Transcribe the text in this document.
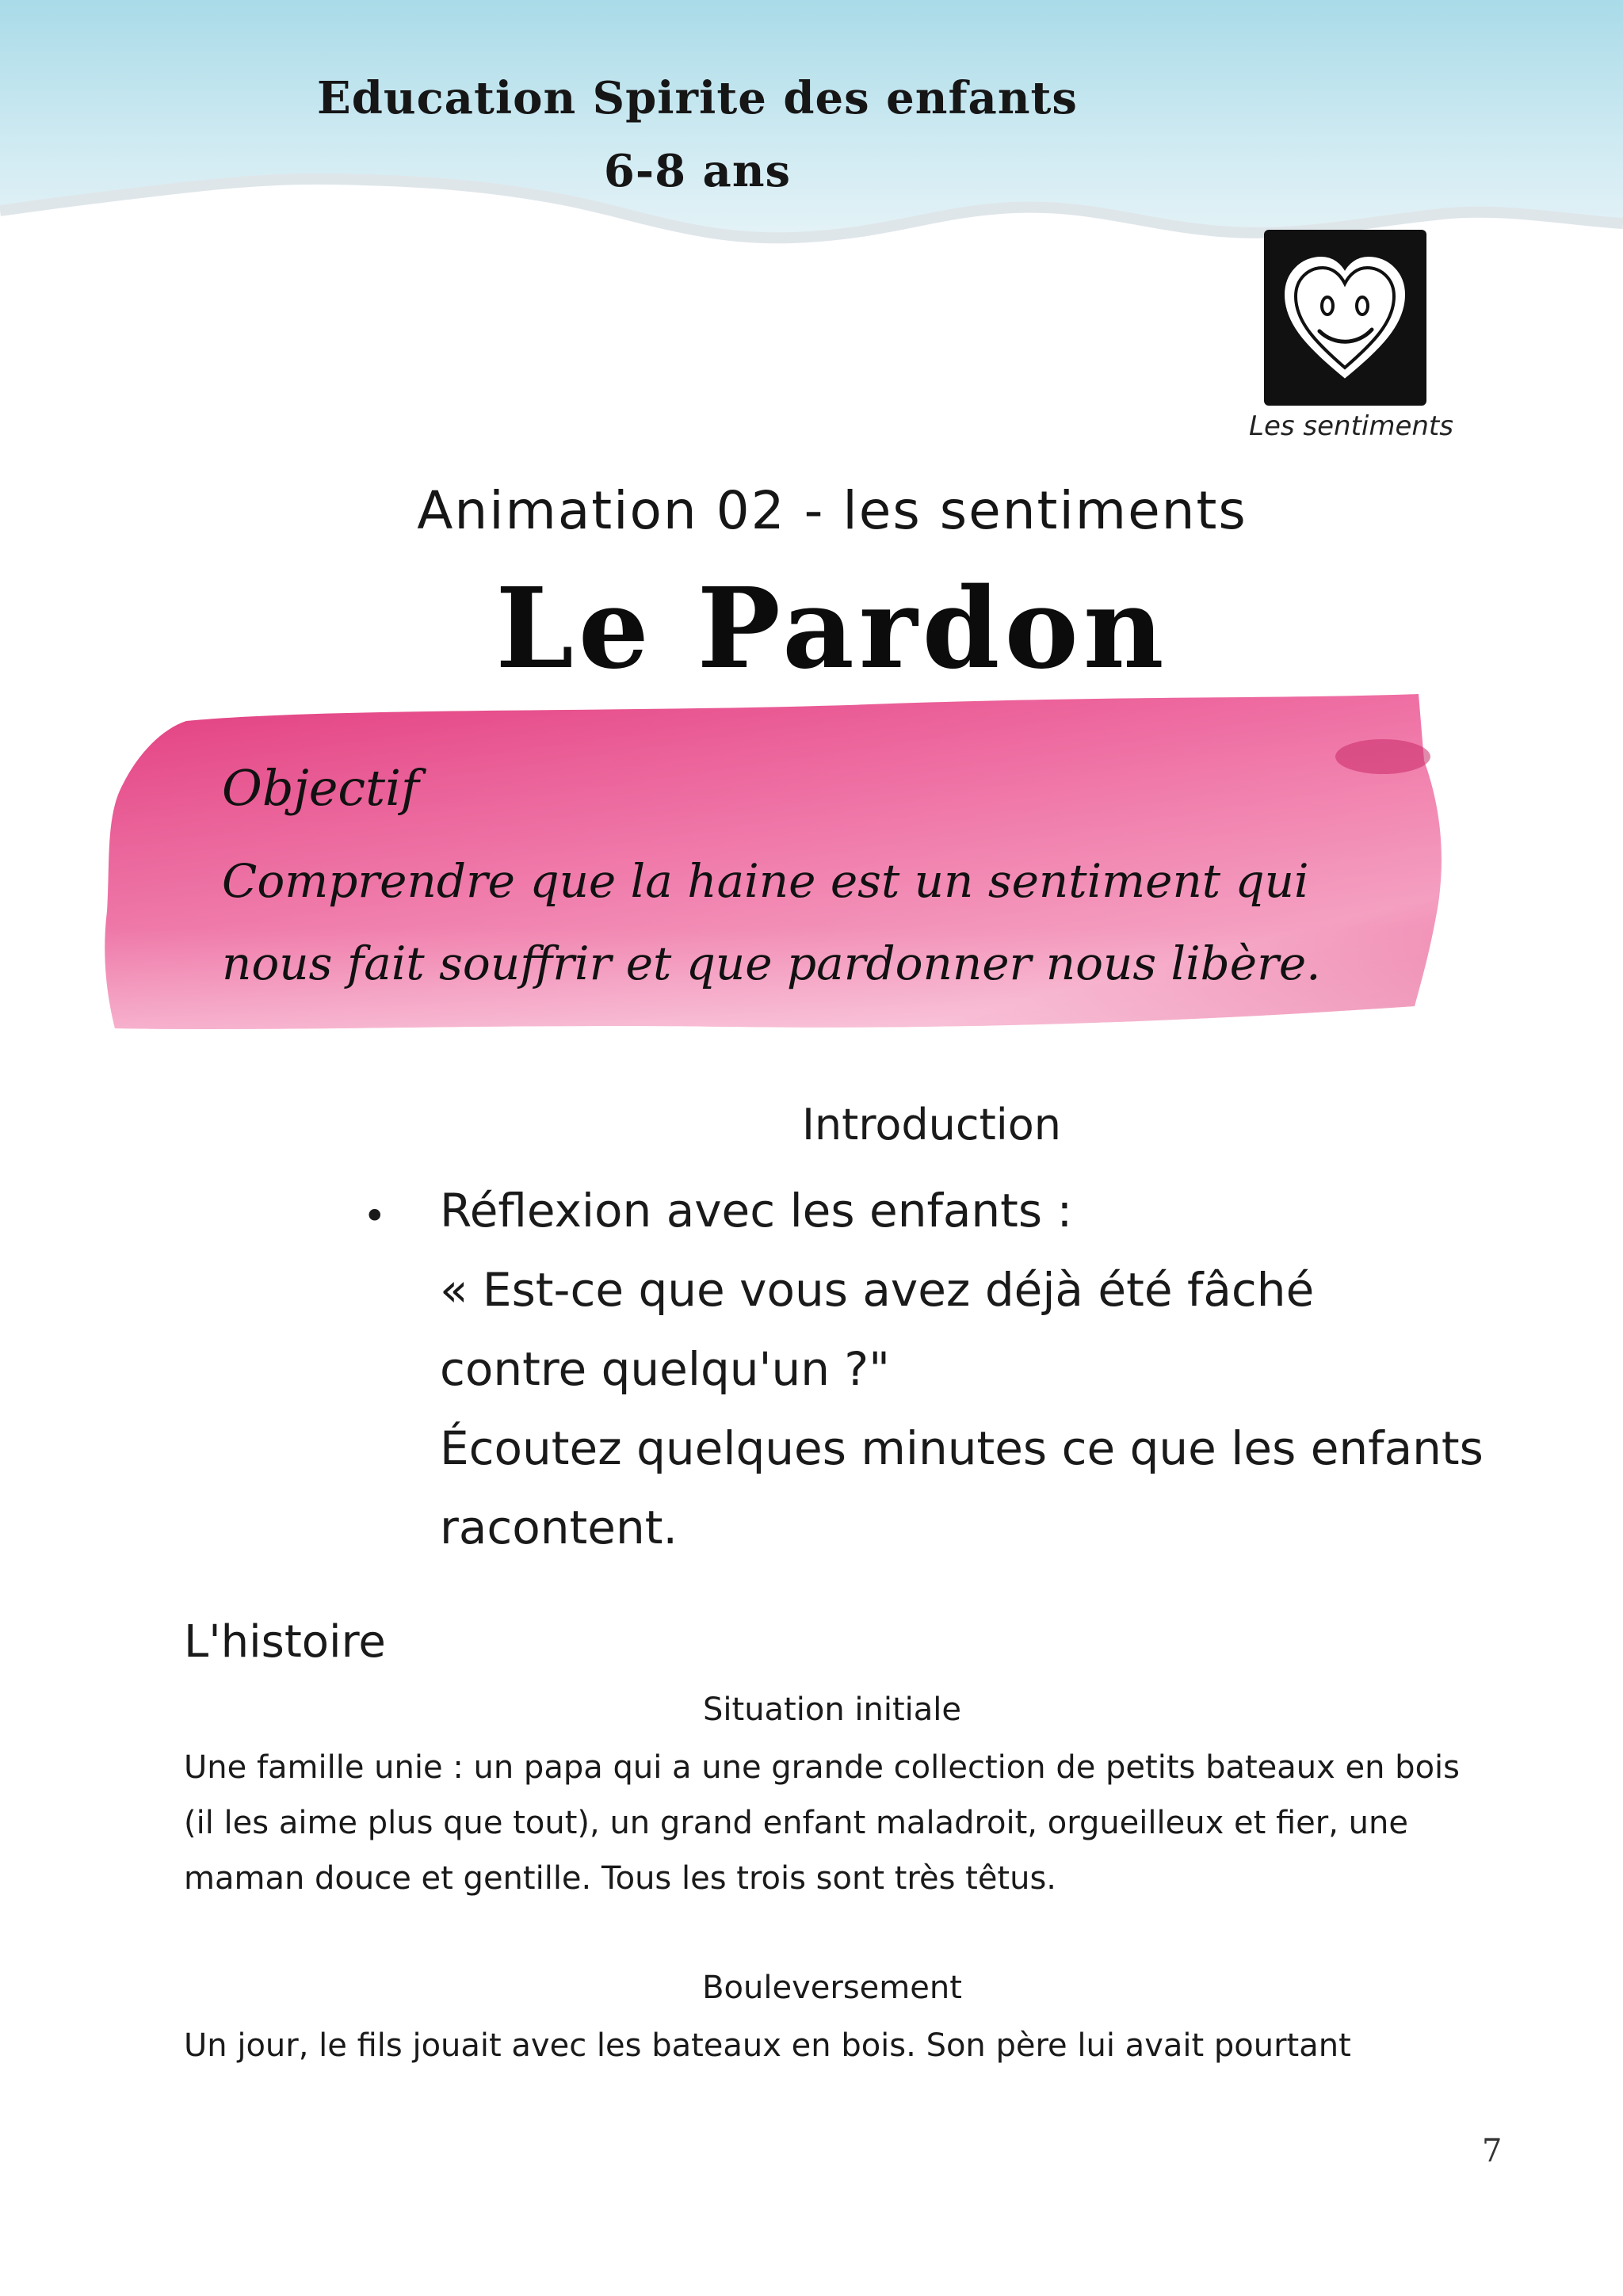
Education Spirite des enfants
6-8 ans
Les sentiments
Animation 02 - les sentiments
Le Pardon
Objectif
Comprendre que la haine est un sentiment qui
nous fait souffrir et que pardonner nous libère.
Introduction
• Réflexion avec les enfants :
« Est-ce que vous avez déjà été fâché
contre quelqu'un ?"
Écoutez quelques minutes ce que les enfants
racontent.
L'histoire
Situation initiale
Une famille unie : un papa qui a une grande collection de petits bateaux en bois
(il les aime plus que tout), un grand enfant maladroit, orgueilleux et fier, une
maman douce et gentille. Tous les trois sont très têtus.
Bouleversement
Un jour, le fils jouait avec les bateaux en bois. Son père lui avait pourtant
7
